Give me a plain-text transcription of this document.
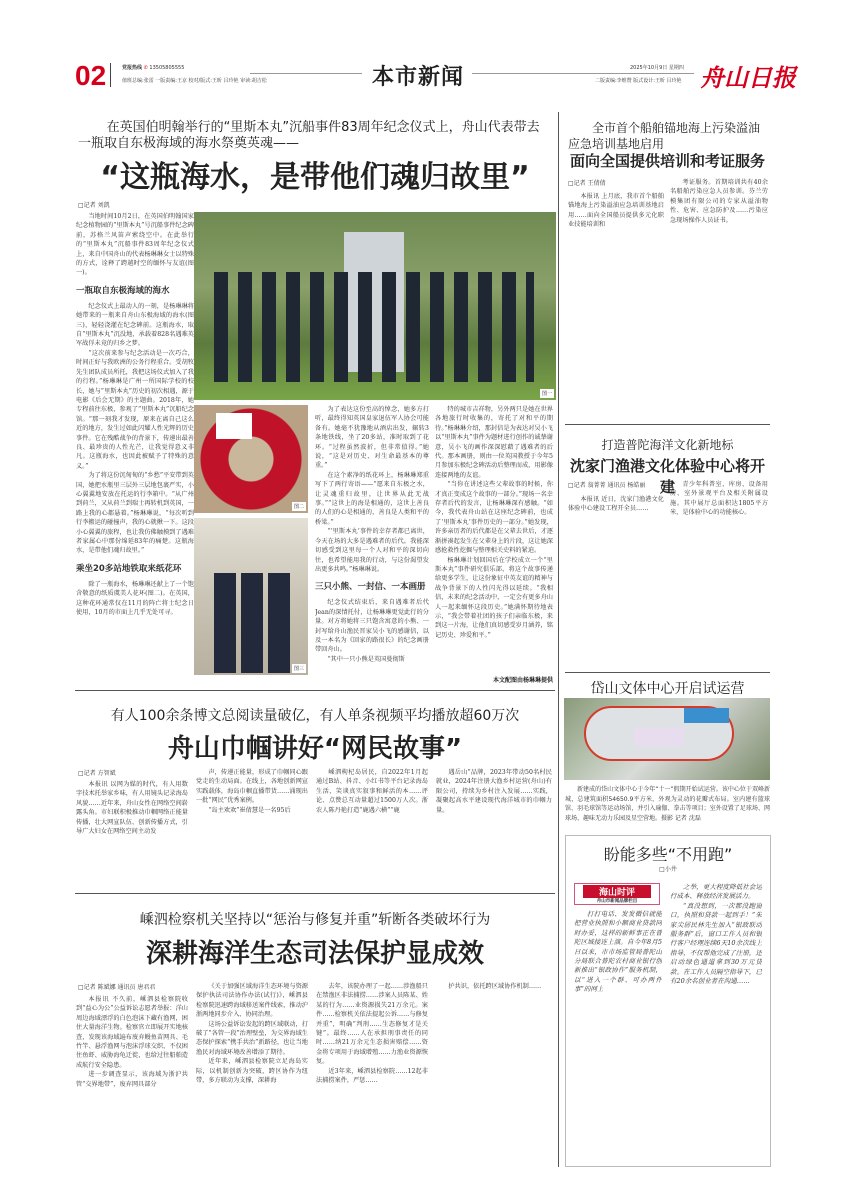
02	党报热线 ✆ 13505805555
值班总编:张雷 一版责编:王京 校对/版式:王昕 吕玲艳 审读:胡吉松	本市新闻	2025年10月9日 星期四
二版责编:李维赞 版式设计:王昕 吕玲艳 舟山日报
在英国伯明翰举行的“里斯本丸”沉船事件83周年纪念仪式上，舟山代表带去一瓶取自东极海域的海水祭奠英魂——
“这瓶海水，是带他们魂归故里”
□记者 刘凯

当地时间10月2日，在英国伯明翰国家纪念植物园的“里斯本丸”号沉船事件纪念碑前，苏格兰风笛声萦绕空中。在此举行的“里斯本丸”沉船事件83周年纪念仪式上，来自中国舟山的代表杨琳琳女士以特殊的方式，诠释了跨越时空的缅怀与友谊(图一)。

一瓶取自东极海域的海水

纪念仪式上最动人的一刻，是杨琳琳将她带来的一瓶来自舟山东极海域的海水(图三)，轻轻浇灌在纪念碑前。这瓶海水，取自“里斯本丸”沉没地，承载着828名遇难英军战俘未竟的归乡之梦。

“这次前来参与纪念活动是一次巧合，时间正好与我欧洲的公务行程重合。受胡牧先生团队成员所托，我把这场仪式加入了我的行程。”杨琳琳是广州一所国际学校的校长，她与“里斯本丸”历史的初次相遇，源于电影《后会无期》的主题曲。2018年，她专程前往东极，参观了“里斯本丸”沉船纪念馆。“那一刻我才发现，原来在离自己这么近的地方，发生过如此闪耀人性光辉的历史事件。它在残酷战争的背景下，传递出最善良、最珍贵的人性光芒，让我觉得意义非凡。这瓶海水，也因此被赋予了特殊的意义。”

为了将这份沉甸甸的“乡愁”平安带到英国，她把水瓶里三层外三层地包裹严实，小心翼翼地安放在托运的行李箱中。“从广州到荷兰，又从荷兰到瑞士再转机到英国，一路上我的心都悬着。”杨琳琳说，“每次听到行李搬运的碰撞声，我的心就揪一下。这段小心翼翼的旅程，也让我仿佛触摸到了遇难者家属心中那份绵延83年的痛楚。这瓶海水，是带他们魂归故里。”

乘坐20多站地铁取来纸花环

除了一瓶海水，杨琳琳还献上了一个饱含敬意的纸质虞美人花环(图二)。在英国，这种花环通常仅在11月的阵亡将士纪念日使用，10月的市面上几乎无处可寻。

图一
图二
图三

为了表达这份至高的悼念，她多方打听，最终得知英国皇家退伍军人协会可能备有。她毫不犹豫地从酒店出发，辗转3条地铁线，坐了20多站，准时取到了花环。“过程虽然波折，但非常值得。”她说，“这是对历史、对生命最基本的尊重。”

在这个素净的纸花环上，杨琳琳郑重写下了两行寄语——“愿来自东极之水，让灵魂重归故里，让世界从此无战事。”“这世上的海是相通的，这世上善良的人们的心是相通的，善良是人类和平的桥梁。”

“‘里斯本丸’事件的幸存者都已离世，今天在场的大多是遇难者的后代。我能深切感受到这里每一个人对和平的深切向往，也希望能用我的行动，与这份渴望发出更多共鸣。”杨琳琳说。

三只小熊、一封信、一本画册

纪念仪式结束后，来自遇难者后代Jean的深情托付，让杨琳琳更觉此行的分量。对方将她将三只饱含寓意的小熊、一封写给舟山渔民晋家吴小飞的感谢信，以及一本名为《回家的路很长》的纪念画册带回舟山。

“其中一只小熊是英国曼彻斯

特的城市吉祥物，另外两只是她在世界各地旅行时收集的，寄托了对和平的期待。”杨琳琳介绍，那封信是为表达对吴小飞以“里斯本丸”事件为题材进行创作的诚挚谢意，吴小飞的画作深深慰藉了遇难者的后代。那本画册，则由一位英国教授于今年5月参加东极纪念碑活动后整理而成，用影像连接两地的友谊。

“当你在讲述这些父辈故事的时候，你才真正变成这个故事的一部分。”现场一名幸存者后代的发言，让杨琳琳深有感触。“如今，我代表舟山站在这座纪念碑前，也成了‘里斯本丸’事件历史的一部分。”她发现，许多亲历者的后代都是在父辈去世后，才逐渐拼凑起发生在父辈身上的片段，这让她深感抢救性挖掘与整理相关史料的紧迫。

杨琳琳计划回国后在学校成立一个“里斯本丸”事件研究俱乐部，将这个故事传递给更多学生，让这份象征中英友谊的精神与战争背景下的人性闪光得以延续。“我相信，未来的纪念活动中，一定会有更多舟山人一起来缅怀这段历史。”她满怀期待地表示，“我会带着社团的孩子们亲临东极，来到这一片海，让他们真切感受岁月涵养，铭记历史、珍爱和平。”

本文配图由杨琳琳提供
有人100余条博文总阅读量破亿，有人单条视频平均播放超60万次
舟山巾帼讲好“网民故事”
□记者 方智斌

本报讯 以网为媒的时代，有人用数字技术托举家乡味，有人用镜头记录海岛风貌……近年来，舟山女性在网络空间崭露头角。市妇联积极推动巾帼网络正能量传播，壮大网宣队伍、创新传播方式，引导广大妇女在网络空间主动发

声，传递正能量，形成了巾帼同心跟党走的生动局面。在线上，各地创新网宣实践载体，海岛巾帼直播带货……涌现出一批“网民”优秀案例。

“岛主欢欢”崔倩慧是一名95后

嵊泗枸杞岛居民，自2022年1月起通过B站、抖音、小红书等平台记录海岛生活，笑谈真实叙事和鲜活的本……评论、点赞总互动量超过1500万人次。浙农人陈丹艳打造“鹿遇六横”“鹿

遇岳山”品牌，2023年带动50名村民就业，2024年注册大渔乡村运营(舟山)有限公司，持续为乡村注入发展……实践，凝聚起高水平建设现代海洋城市的巾帼力量。

嵊泗检察机关坚持以“惩治与修复并重”斩断各类破坏行为
深耕海洋生态司法保护显成效
□记者 陈斌娜 通讯员 唐君君

本报讯 不久前，嵊泗县检察院收到“益心为公”公益诉讼志愿者举报：洋山周边海域漂浮的白色泡沫下藏有渔网，困住大量海洋生物。检察官立即展开实地核查，发现该海域遍布废弃鳗鱼苗网具、毛竹竿、悬浮渔网与泡沫浮球交织，不仅困住鱼虾、威胁海龟迁徙，也给过往船舶造成航行安全隐患。

进一步调查显示，该海域为浙沪共管“交界地带”，废弃网具部分

《关于加强区域海洋生态环境与资源保护执法司法协作办法(试行)》，嵊泗县检察院迅速跨海域移送案件线索，推动沪浙两地同步介入、协同治理。

这场公益诉讼发起的跨区域联动，打破了“各管一段”治理壁垒，为交界海域生态保护探索“携手共治”新路径，也让当地渔民对海域环境改善增添了期待。

近年来，嵊泗县检察院立足海岛实际，以机制创新为突破，跨区协作为纽带，多方联动为支撑，深耕海

去年，该院办理了一起……涉渔船只在禁渔区非法捕捞……涉案人员陈某、姓某的行为……业资源损失21万余元。案件……检察机关依法提起公诉……与修复并重”，明确“判刑……生态修复才是关键”。最终……人在承担刑事责任的同时……纳21万余元生态损害赔偿……资金将专项用于海域增殖……力渔业资源恢复。

近3年来，嵊泗县检察院……12起非法捕捞案件，严惩……

护共识，依托跨区域协作机制……

全市首个船舶锚地海上污染溢油应急培训基地启用
面向全国提供培训和考证服务
□记者 王倩倩

本报讯 上月底，我市首个船舶锚地海上污染溢油应急培训基地启用……面向全国船员提供多元化职业技能培训和

考证服务。首期培训共有40余名船舶污染应急人员参训。芬兰劳模集团有限公司的专家从溢油物性、危害、应急防护及……污染应急现场操作人员证书。

打造普陀海洋文化新地标
沈家门渔港文化体验中心将开建
□记者 翁菁菁 通讯员 杨皓丽

本报讯 近日，沈家门渔港文化体验中心建设工程开全员……

青少年科普室、库房、设备用房、室外景观平台及相关附属设施。其中展厅总面积达1805平方米，是体验中心的功能核心。

岱山文体中心开启试运营

新建成的岱山文体中心于今年“十一”假期开始试运营。该中心位于双峰新城，总建筑面积54650.9平方米，外观为灵动的花瓣式布局。室内建有篮球馆、羽毛球馆等运动场馆，并引入瑜伽、拳击等项目；室外设置了足球场、网球场、趣味无动力乐园及星空营地。摄影 记者 沈磊

盼能多些“不用跑”
□小井
海山时评
舟山市新闻品牌栏目

打打电话、发发微信就能把营业执照和小额商业贷款同时办妥，这样的新鲜事正在普陀区域接连上演。自今年8月5日以来，市市场监管局普陀山分局联合普陀农村商业银行创新推出“银政协作”服务机制，以“进入一个群、可办两件事”的网上

之举，更大程度降低社会运行成本、释放经济发展活力。

“真没想到，一次都没跑窗口，执照和贷款一起到手！”朱家尖居民林先生加入“银政联动服务群”后，窗口工作人员和银行客户经理连续6天10余次线上指导，不仅帮他完成了注册，还启动绿色通道拿到30万元贷款。在工作人员隔空指导下，已有20余名创业者在沟通……
